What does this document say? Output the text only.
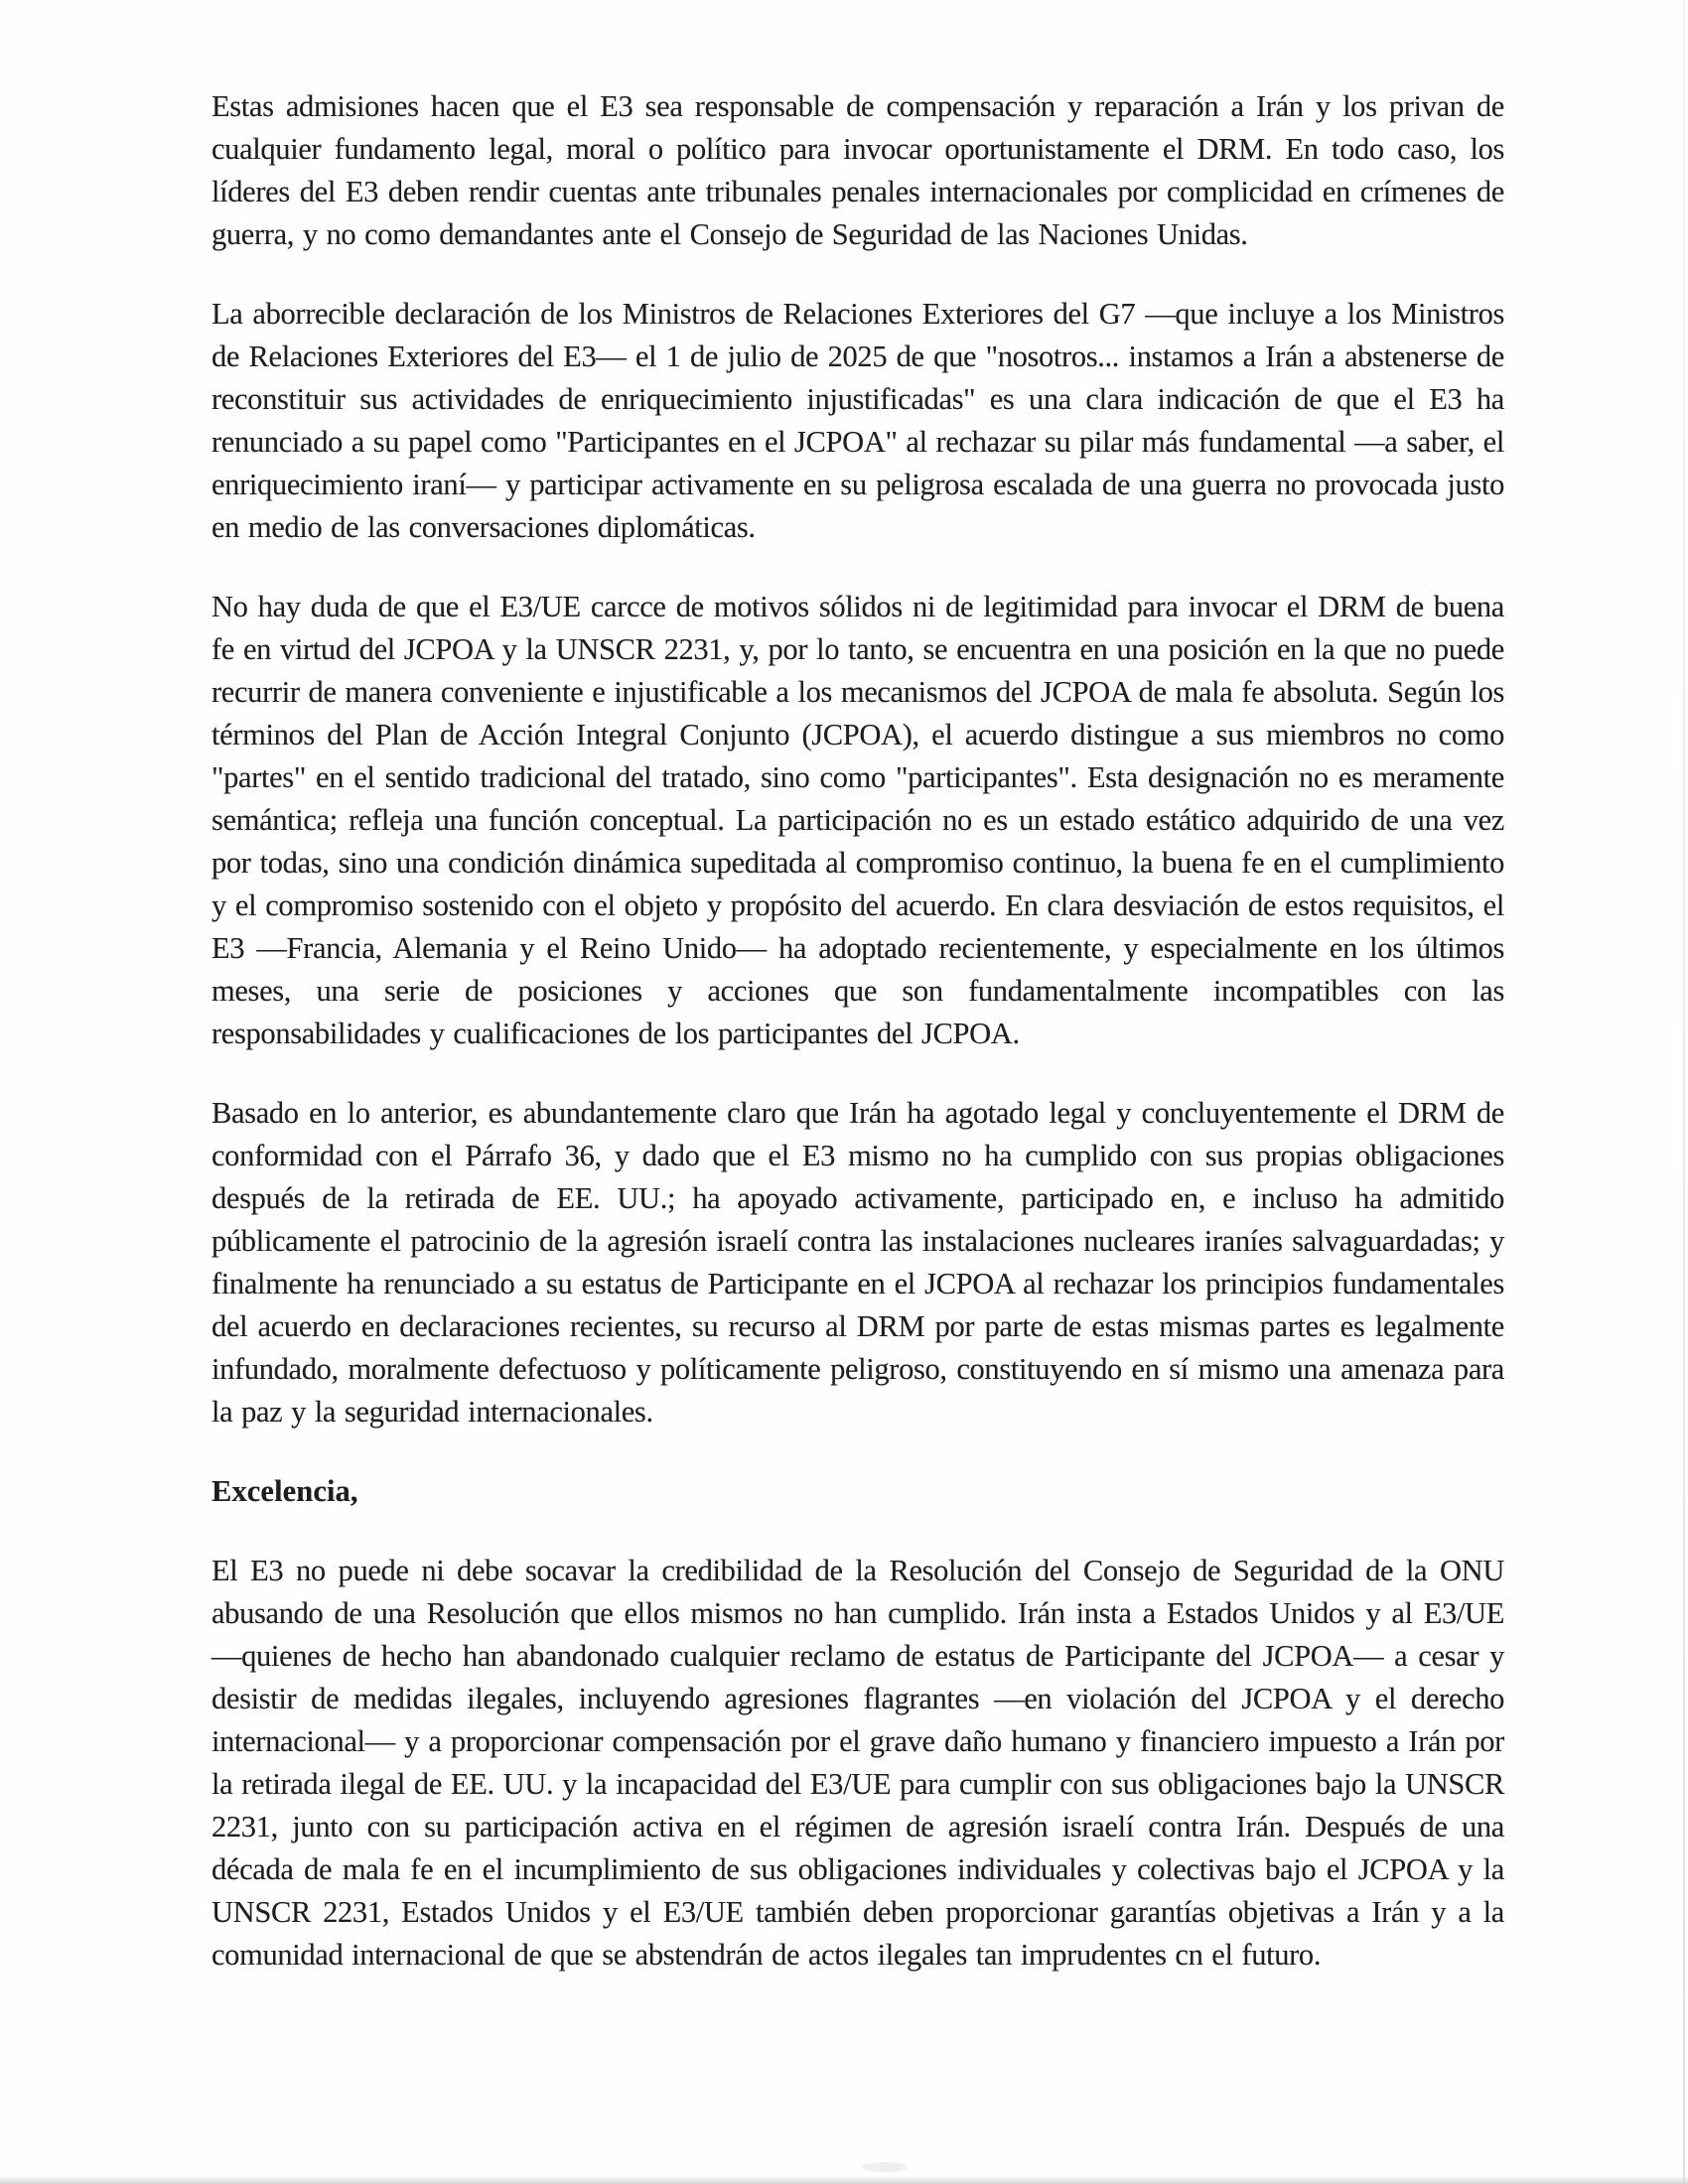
Estas admisiones hacen que el E3 sea responsable de compensación y reparación a Irán y los privan de cualquier fundamento legal, moral o político para invocar oportunistamente el DRM. En todo caso, los líderes del E3 deben rendir cuentas ante tribunales penales internacionales por complicidad en crímenes de guerra, y no como demandantes ante el Consejo de Seguridad de las Naciones Unidas.

La aborrecible declaración de los Ministros de Relaciones Exteriores del G7 —que incluye a los Ministros de Relaciones Exteriores del E3— el 1 de julio de 2025 de que "nosotros... instamos a Irán a abstenerse de reconstituir sus actividades de enriquecimiento injustificadas" es una clara indicación de que el E3 ha renunciado a su papel como "Participantes en el JCPOA" al rechazar su pilar más fundamental —a saber, el enriquecimiento iraní— y participar activamente en su peligrosa escalada de una guerra no provocada justo en medio de las conversaciones diplomáticas.

No hay duda de que el E3/UE carcce de motivos sólidos ni de legitimidad para invocar el DRM de buena fe en virtud del JCPOA y la UNSCR 2231, y, por lo tanto, se encuentra en una posición en la que no puede recurrir de manera conveniente e injustificable a los mecanismos del JCPOA de mala fe absoluta. Según los términos del Plan de Acción Integral Conjunto (JCPOA), el acuerdo distingue a sus miembros no como "partes" en el sentido tradicional del tratado, sino como "participantes". Esta designación no es meramente semántica; refleja una función conceptual. La participación no es un estado estático adquirido de una vez por todas, sino una condición dinámica supeditada al compromiso continuo, la buena fe en el cumplimiento y el compromiso sostenido con el objeto y propósito del acuerdo. En clara desviación de estos requisitos, el E3 —Francia, Alemania y el Reino Unido— ha adoptado recientemente, y especialmente en los últimos meses, una serie de posiciones y acciones que son fundamentalmente incompatibles con las responsabilidades y cualificaciones de los participantes del JCPOA.

Basado en lo anterior, es abundantemente claro que Irán ha agotado legal y concluyentemente el DRM de conformidad con el Párrafo 36, y dado que el E3 mismo no ha cumplido con sus propias obligaciones después de la retirada de EE. UU.; ha apoyado activamente, participado en, e incluso ha admitido públicamente el patrocinio de la agresión israelí contra las instalaciones nucleares iraníes salvaguardadas; y finalmente ha renunciado a su estatus de Participante en el JCPOA al rechazar los principios fundamentales del acuerdo en declaraciones recientes, su recurso al DRM por parte de estas mismas partes es legalmente infundado, moralmente defectuoso y políticamente peligroso, constituyendo en sí mismo una amenaza para la paz y la seguridad internacionales.

Excelencia,

El E3 no puede ni debe socavar la credibilidad de la Resolución del Consejo de Seguridad de la ONU abusando de una Resolución que ellos mismos no han cumplido. Irán insta a Estados Unidos y al E3/UE —quienes de hecho han abandonado cualquier reclamo de estatus de Participante del JCPOA— a cesar y desistir de medidas ilegales, incluyendo agresiones flagrantes —en violación del JCPOA y el derecho internacional— y a proporcionar compensación por el grave daño humano y financiero impuesto a Irán por la retirada ilegal de EE. UU. y la incapacidad del E3/UE para cumplir con sus obligaciones bajo la UNSCR 2231, junto con su participación activa en el régimen de agresión israelí contra Irán. Después de una década de mala fe en el incumplimiento de sus obligaciones individuales y colectivas bajo el JCPOA y la UNSCR 2231, Estados Unidos y el E3/UE también deben proporcionar garantías objetivas a Irán y a la comunidad internacional de que se abstendrán de actos ilegales tan imprudentes cn el futuro.
